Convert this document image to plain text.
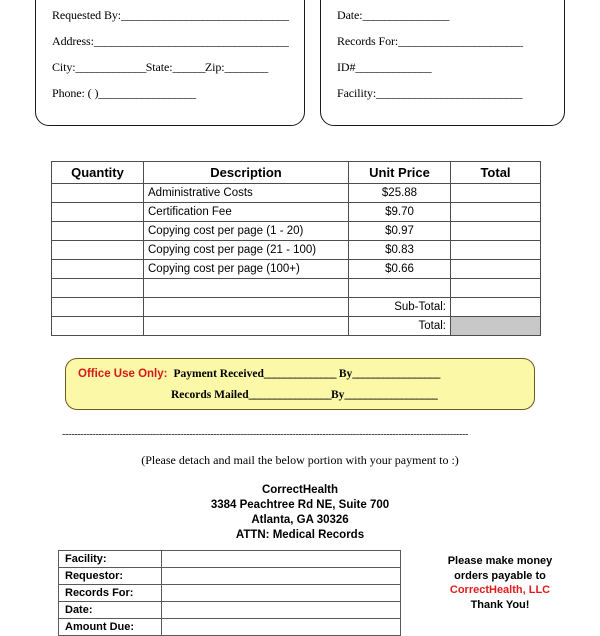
Requested By:_______________________________
Address:____________________________________
City:_____________State:______Zip:________
Phone: ( )__________________
Date:________________
Records For:_______________________
ID#______________
Facility:___________________________
Quantity	Description	Unit Price	Total
	Administrative Costs	$25.88	
	Certification Fee	$9.70	
	Copying cost per page (1 - 20)	$0.97	
	Copying cost per page (21 - 100)	$0.83	
	Copying cost per page (100+)	$0.66	

		Sub-Total:	
		Total:	
Office Use Only: Payment Received______________ By_________________
Records Mailed________________By__________________
--------------------------------------------------------------------------------------------------------------------------------------
(Please detach and mail the below portion with your payment to :)
CorrectHealth
3384 Peachtree Rd NE, Suite 700
Atlanta, GA 30326
ATTN: Medical Records
Facility:	
Requestor:	
Records For:	
Date:	
Amount Due:	
Please make money
orders payable to
CorrectHealth, LLC
Thank You!
